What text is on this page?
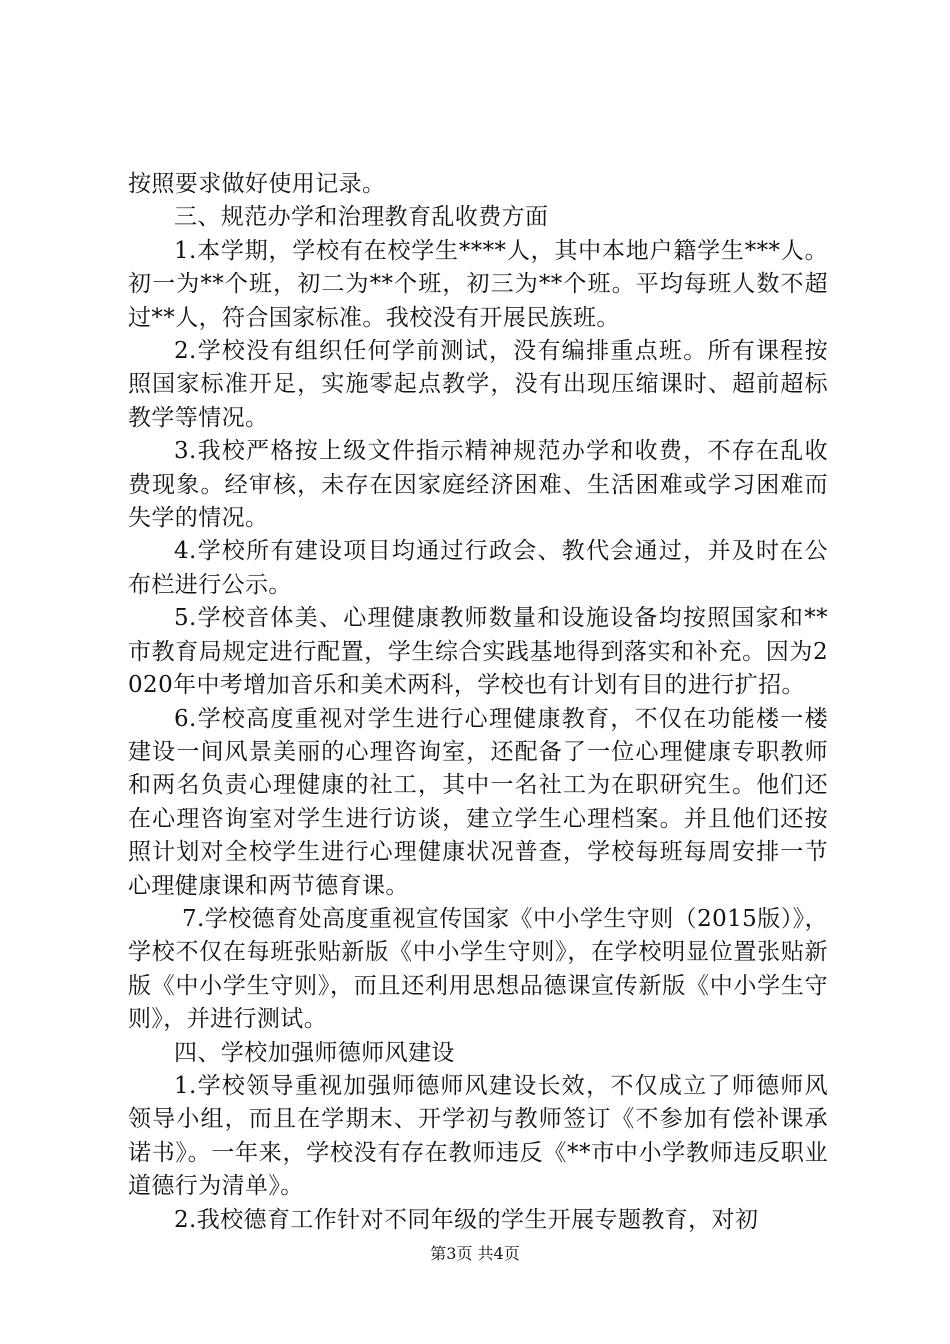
按照要求做好使用记录。

三、规范办学和治理教育乱收费方面

1.本学期，学校有在校学生****人，其中本地户籍学生***人。初一为**个班，初二为**个班，初三为**个班。平均每班人数不超过**人，符合国家标准。我校没有开展民族班。

2.学校没有组织任何学前测试，没有编排重点班。所有课程按照国家标准开足，实施零起点教学，没有出现压缩课时、超前超标教学等情况。

3.我校严格按上级文件指示精神规范办学和收费，不存在乱收费现象。经审核，未存在因家庭经济困难、生活困难或学习困难而失学的情况。

4.学校所有建设项目均通过行政会、教代会通过，并及时在公布栏进行公示。

5.学校音体美、心理健康教师数量和设施设备均按照国家和**市教育局规定进行配置，学生综合实践基地得到落实和补充。因为2020年中考增加音乐和美术两科，学校也有计划有目的进行扩招。

6.学校高度重视对学生进行心理健康教育，不仅在功能楼一楼建设一间风景美丽的心理咨询室，还配备了一位心理健康专职教师和两名负责心理健康的社工，其中一名社工为在职研究生。他们还在心理咨询室对学生进行访谈，建立学生心理档案。并且他们还按照计划对全校学生进行心理健康状况普查，学校每班每周安排一节心理健康课和两节德育课。

7.学校德育处高度重视宣传国家《中小学生守则（2015版）》，学校不仅在每班张贴新版《中小学生守则》，在学校明显位置张贴新版《中小学生守则》，而且还利用思想品德课宣传新版《中小学生守则》，并进行测试。

四、学校加强师德师风建设

1.学校领导重视加强师德师风建设长效，不仅成立了师德师风领导小组，而且在学期末、开学初与教师签订《不参加有偿补课承诺书》。一年来，学校没有存在教师违反《**市中小学教师违反职业道德行为清单》。

2.我校德育工作针对不同年级的学生开展专题教育，对初

第3页 共4页
